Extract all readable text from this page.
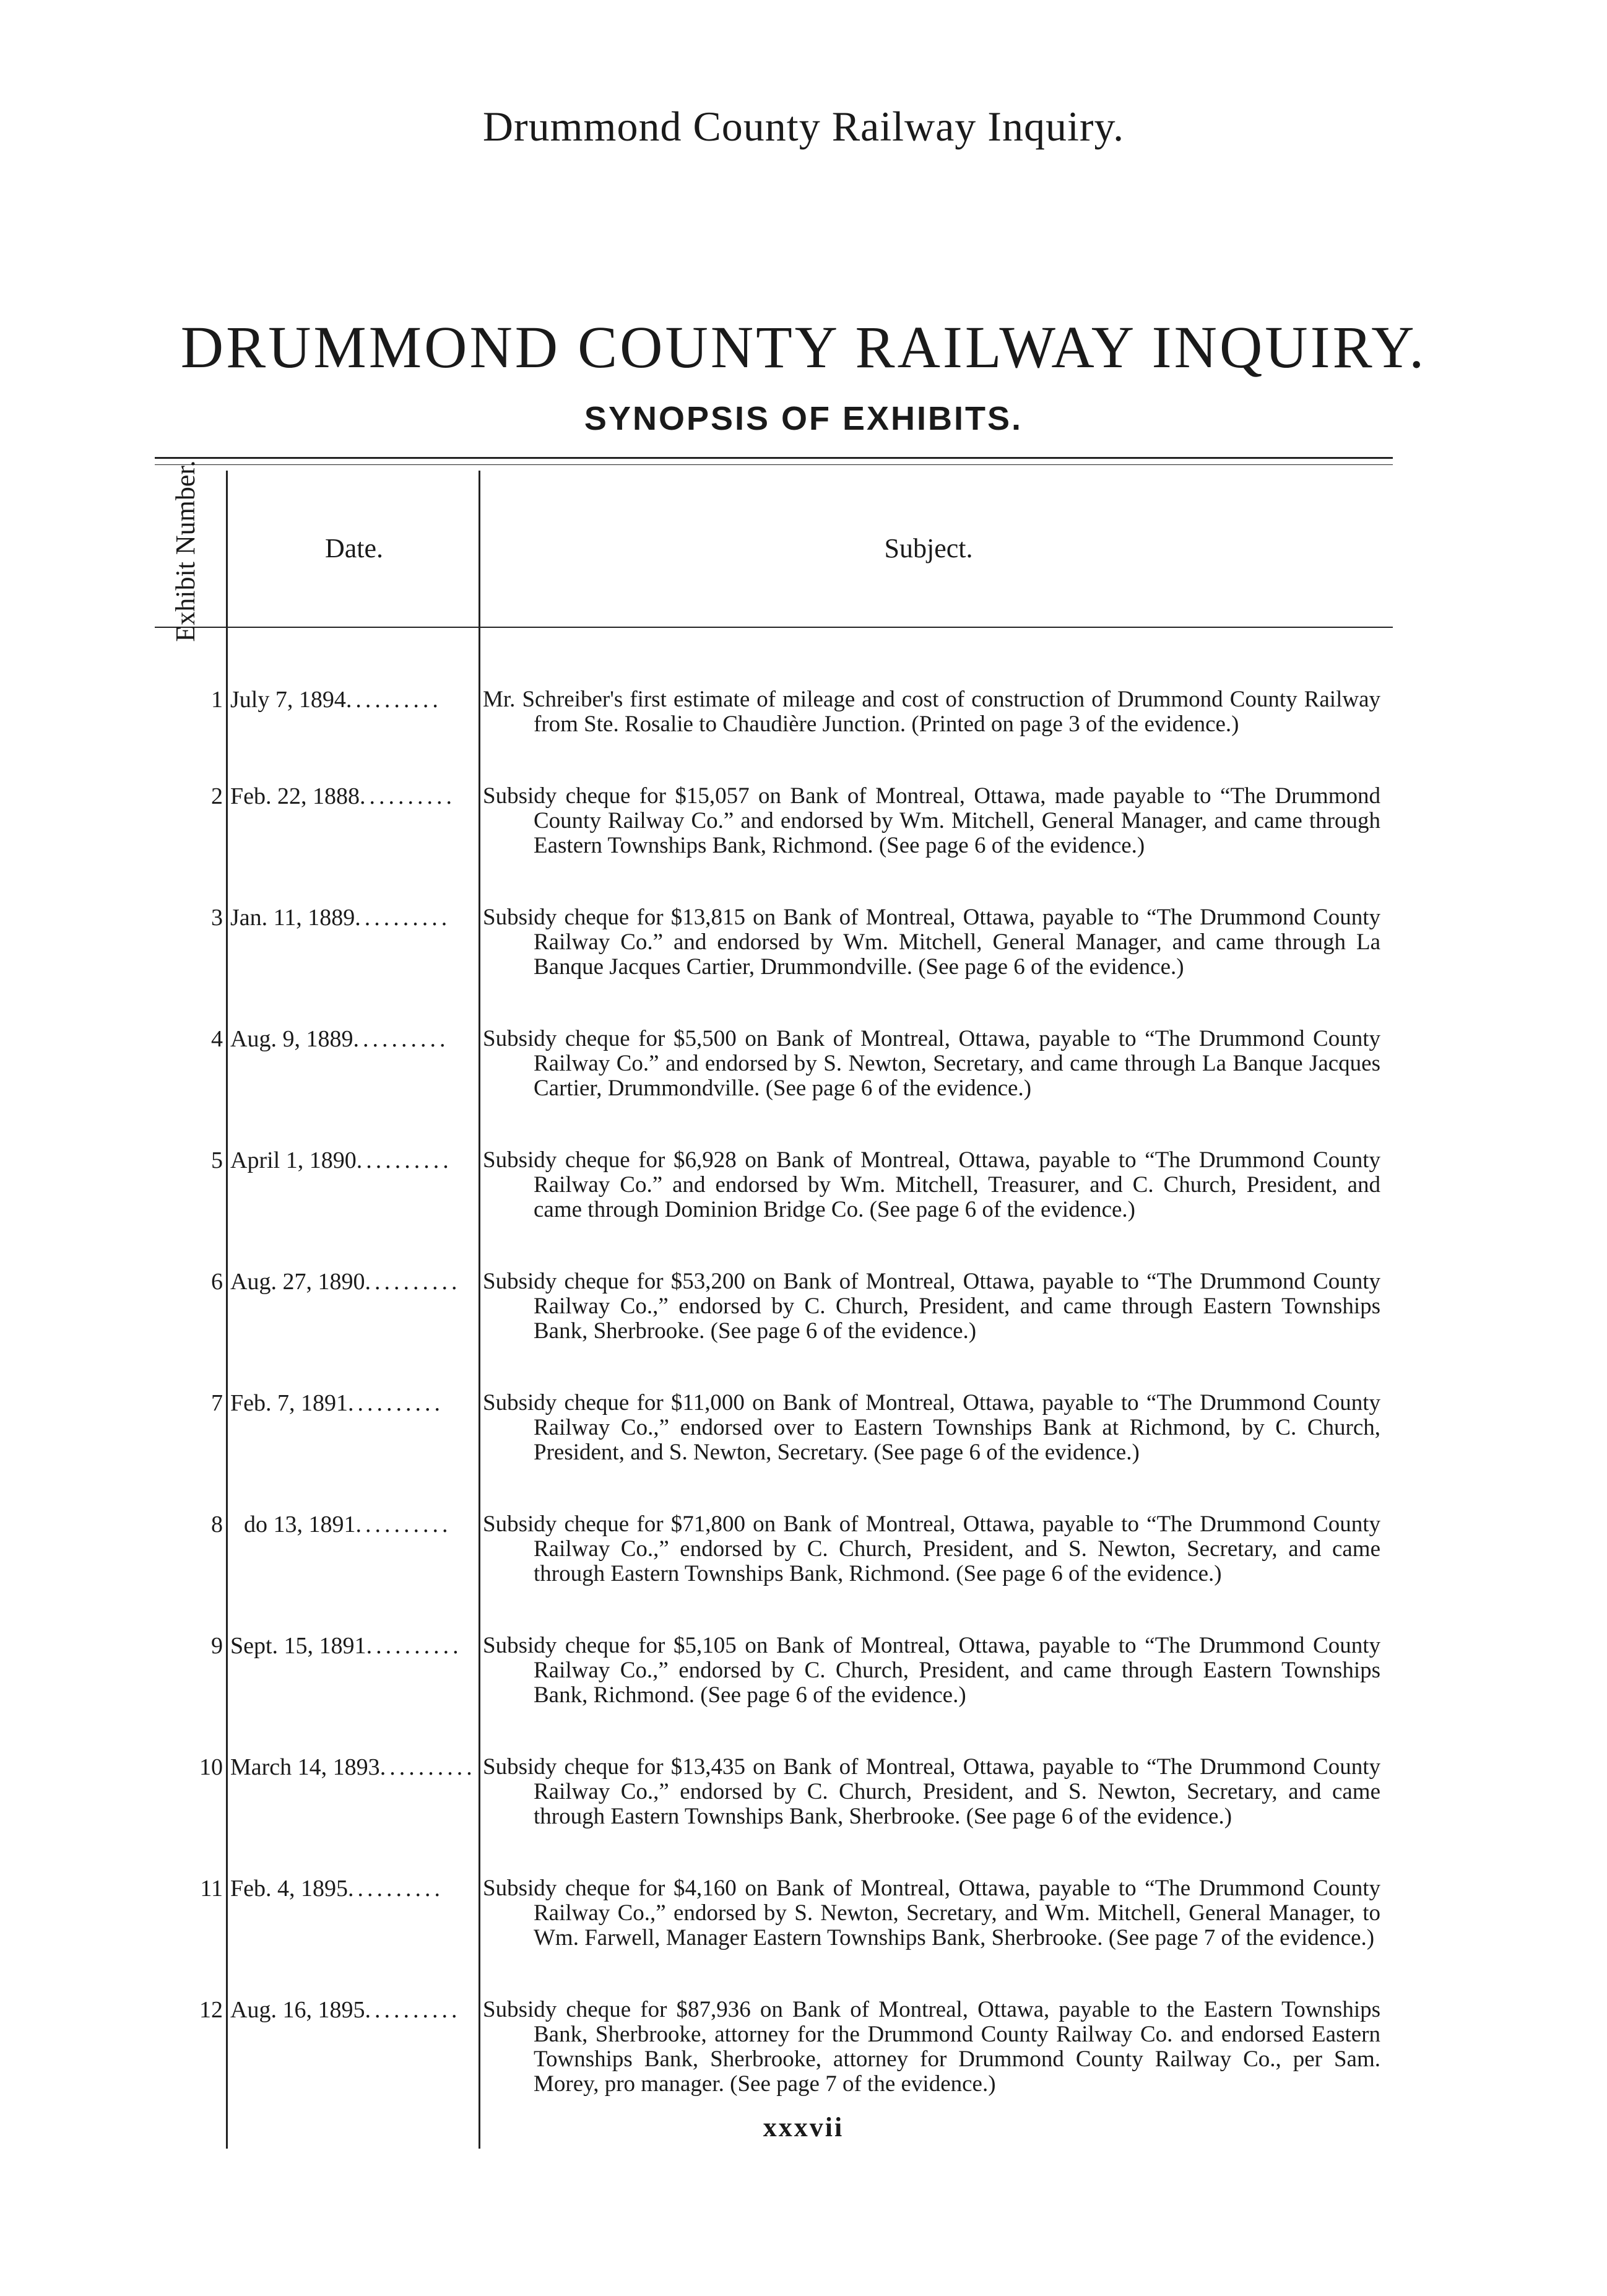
Drummond County Railway Inquiry.
DRUMMOND COUNTY RAILWAY INQUIRY.
SYNOPSIS OF EXHIBITS.
Exhibit Number.	Date.	Subject.
1 July 7, 1894..........	Mr. Schreiber's first estimate of mileage and cost of construction of Drummond County Railway from Ste. Rosalie to Chaudière Junction. (Printed on page 3 of the evidence.)
2 Feb. 22, 1888..........	Subsidy cheque for $15,057 on Bank of Montreal, Ottawa, made payable to “The Drummond County Railway Co.” and endorsed by Wm. Mitchell, General Manager, and came through Eastern Townships Bank, Richmond. (See page 6 of the evidence.)
3 Jan. 11, 1889..........	Subsidy cheque for $13,815 on Bank of Montreal, Ottawa, payable to “The Drummond County Railway Co.” and endorsed by Wm. Mitchell, General Manager, and came through La Banque Jacques Cartier, Drummondville. (See page 6 of the evidence.)
4 Aug. 9, 1889..........	Subsidy cheque for $5,500 on Bank of Montreal, Ottawa, payable to “The Drummond County Railway Co.” and endorsed by S. Newton, Secretary, and came through La Banque Jacques Cartier, Drummondville. (See page 6 of the evidence.)
5 April 1, 1890..........	Subsidy cheque for $6,928 on Bank of Montreal, Ottawa, payable to “The Drummond County Railway Co.” and endorsed by Wm. Mitchell, Treasurer, and C. Church, President, and came through Dominion Bridge Co. (See page 6 of the evidence.)
6 Aug. 27, 1890.......... Subsidy cheque for $53,200 on Bank of Montreal, Ottawa, payable to “The Drummond County Railway Co.,” endorsed by C. Church, President, and came through Eastern Townships Bank, Sherbrooke. (See page 6 of the evidence.)
7 Feb. 7, 1891..........	Subsidy cheque for $11,000 on Bank of Montreal, Ottawa, payable to “The Drummond County Railway Co.,” endorsed over to Eastern Townships Bank at Richmond, by C. Church, President, and S. Newton, Secretary. (See page 6 of the evidence.)
8 do 13, 1891..........	Subsidy cheque for $71,800 on Bank of Montreal, Ottawa, payable to “The Drummond County Railway Co.,” endorsed by C. Church, President, and S. Newton, Secretary, and came through Eastern Townships Bank, Richmond. (See page 6 of the evidence.)
9 Sept. 15, 1891.......... Subsidy cheque for $5,105 on Bank of Montreal, Ottawa, payable to “The Drummond County Railway Co.,” endorsed by C. Church, President, and came through Eastern Townships Bank, Richmond. (See page 6 of the evidence.)
10 March 14, 1893.......... Subsidy cheque for $13,435 on Bank of Montreal, Ottawa, payable to “The Drummond County Railway Co.,” endorsed by C. Church, President, and S. Newton, Secretary, and came through Eastern Townships Bank, Sherbrooke. (See page 6 of the evidence.)
11 Feb. 4, 1895..........	Subsidy cheque for $4,160 on Bank of Montreal, Ottawa, payable to “The Drummond County Railway Co.,” endorsed by S. Newton, Secretary, and Wm. Mitchell, General Manager, to Wm. Farwell, Manager Eastern Townships Bank, Sherbrooke. (See page 7 of the evidence.)
12 Aug. 16, 1895.......... Subsidy cheque for $87,936 on Bank of Montreal, Ottawa, payable to the Eastern Townships Bank, Sherbrooke, attorney for the Drummond County Railway Co. and endorsed Eastern Townships Bank, Sherbrooke, attorney for Drummond County Railway Co., per Sam. Morey, pro manager. (See page 7 of the evidence.)
xxxvii
